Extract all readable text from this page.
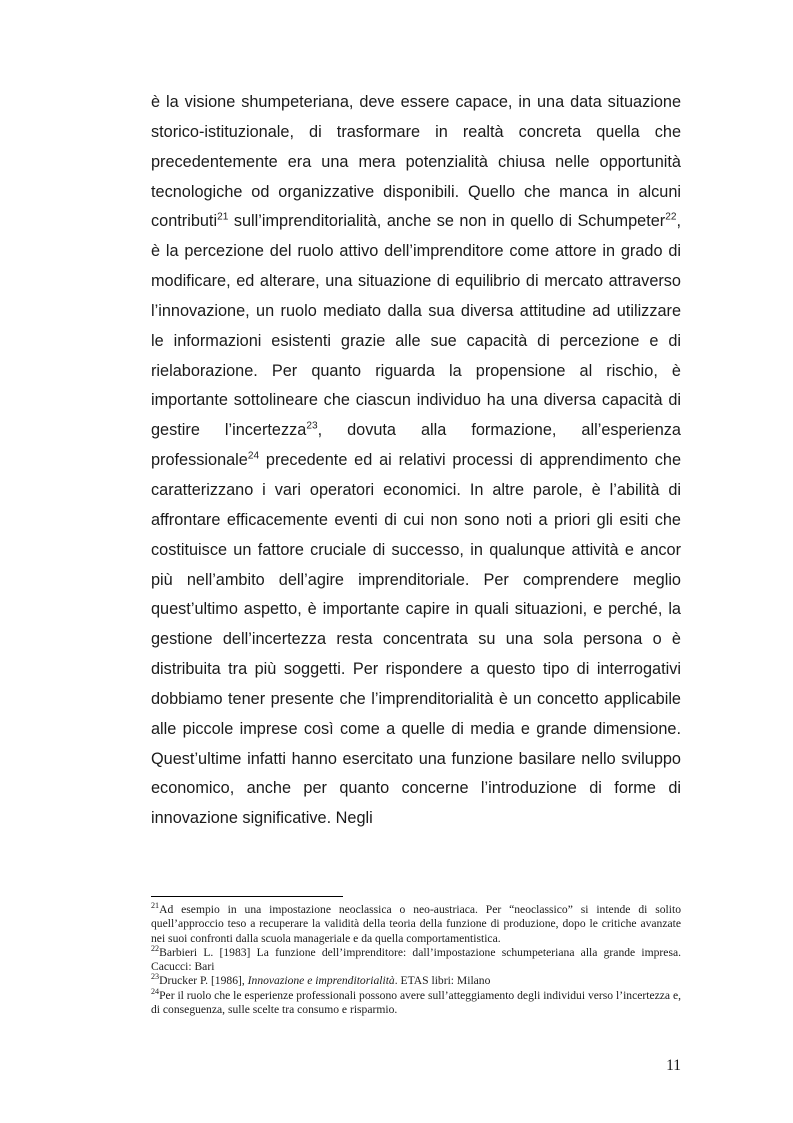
è la visione shumpeteriana, deve essere capace, in una data situazione storico-istituzionale, di trasformare in realtà concreta quella che precedentemente era una mera potenzialità chiusa nelle opportunità tecnologiche od organizzative disponibili. Quello che manca in alcuni contributi$^{21}$ sull’imprenditorialità, anche se non in quello di Schumpeter$^{22}$, è la percezione del ruolo attivo dell’imprenditore come attore in grado di modificare, ed alterare, una situazione di equilibrio di mercato attraverso l’innovazione, un ruolo mediato dalla sua diversa attitudine ad utilizzare le informazioni esistenti grazie alle sue capacità di percezione e di rielaborazione. Per quanto riguarda la propensione al rischio, è importante sottolineare che ciascun individuo ha una diversa capacità di gestire l’incertezza$^{23}$, dovuta alla formazione, all’esperienza professionale$^{24}$ precedente ed ai relativi processi di apprendimento che caratterizzano i vari operatori economici. In altre parole, è l’abilità di affrontare efficacemente eventi di cui non sono noti a priori gli esiti che costituisce un fattore cruciale di successo, in qualunque attività e ancor più nell’ambito dell’agire imprenditoriale. Per comprendere meglio quest’ultimo aspetto, è importante capire in quali situazioni, e perché, la gestione dell’incertezza resta concentrata su una sola persona o è distribuita tra più soggetti. Per rispondere a questo tipo di interrogativi dobbiamo tener presente che l’imprenditorialità è un concetto applicabile alle piccole imprese così come a quelle di media e grande dimensione. Quest’ultime infatti hanno esercitato una funzione basilare nello sviluppo economico, anche per quanto concerne l’introduzione di forme di innovazione significative. Negli

$^{21}$Ad esempio in una impostazione neoclassica o neo-austriaca. Per “neoclassico” si intende di solito quell’approccio teso a recuperare la validità della teoria della funzione di produzione, dopo le critiche avanzate nei suoi confronti dalla scuola manageriale e da quella comportamentistica.

$^{22}$Barbieri L. [1983] La funzione dell’imprenditore: dall’impostazione schumpeteriana alla grande impresa. Cacucci: Bari

$^{23}$Drucker P. [1986], Innovazione e imprenditorialità. ETAS libri: Milano

$^{24}$Per il ruolo che le esperienze professionali possono avere sull’atteggiamento degli individui verso l’incertezza e, di conseguenza, sulle scelte tra consumo e risparmio.

11
